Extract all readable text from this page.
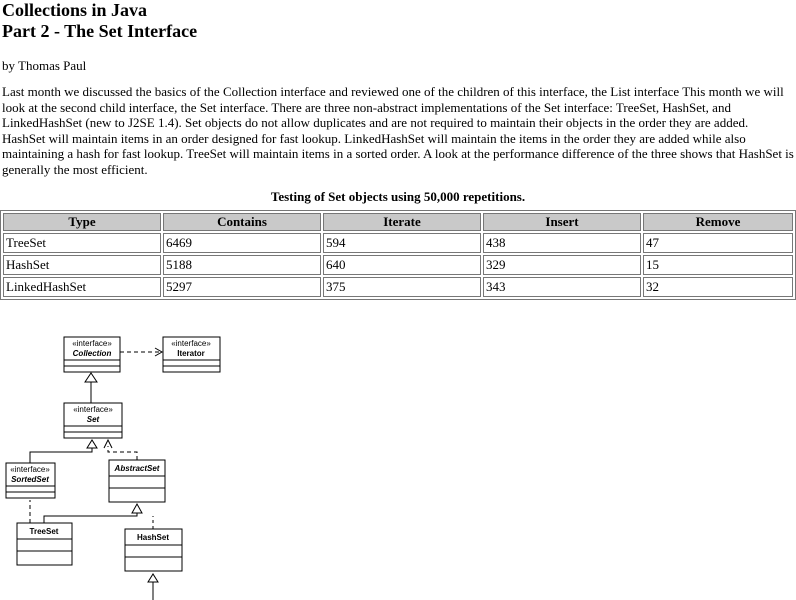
Collections in Java
Part 2 - The Set Interface

by Thomas Paul

Last month we discussed the basics of the Collection interface and reviewed one of the children of this interface, the List interface This month we will look at the second child interface, the Set interface. There are three non-abstract implementations of the Set interface: TreeSet, HashSet, and LinkedHashSet (new to J2SE 1.4). Set objects do not allow duplicates and are not required to maintain their objects in the order they are added. HashSet will maintain items in an order designed for fast lookup. LinkedHashSet will maintain the items in the order they are added while also maintaining a hash for fast lookup. TreeSet will maintain items in a sorted order. A look at the performance difference of the three shows that HashSet is generally the most efficient.

Testing of Set objects using 50,000 repetitions.
Type	Contains	Iterate	Insert	Remove
TreeSet	6469	594	438	47
HashSet	5188	640	329	15
LinkedHashSet	5297	375	343	32
«interface»
Collection
«interface»
Iterator
«interface»
Set
«interface»
SortedSet
AbstractSet
TreeSet
HashSet
